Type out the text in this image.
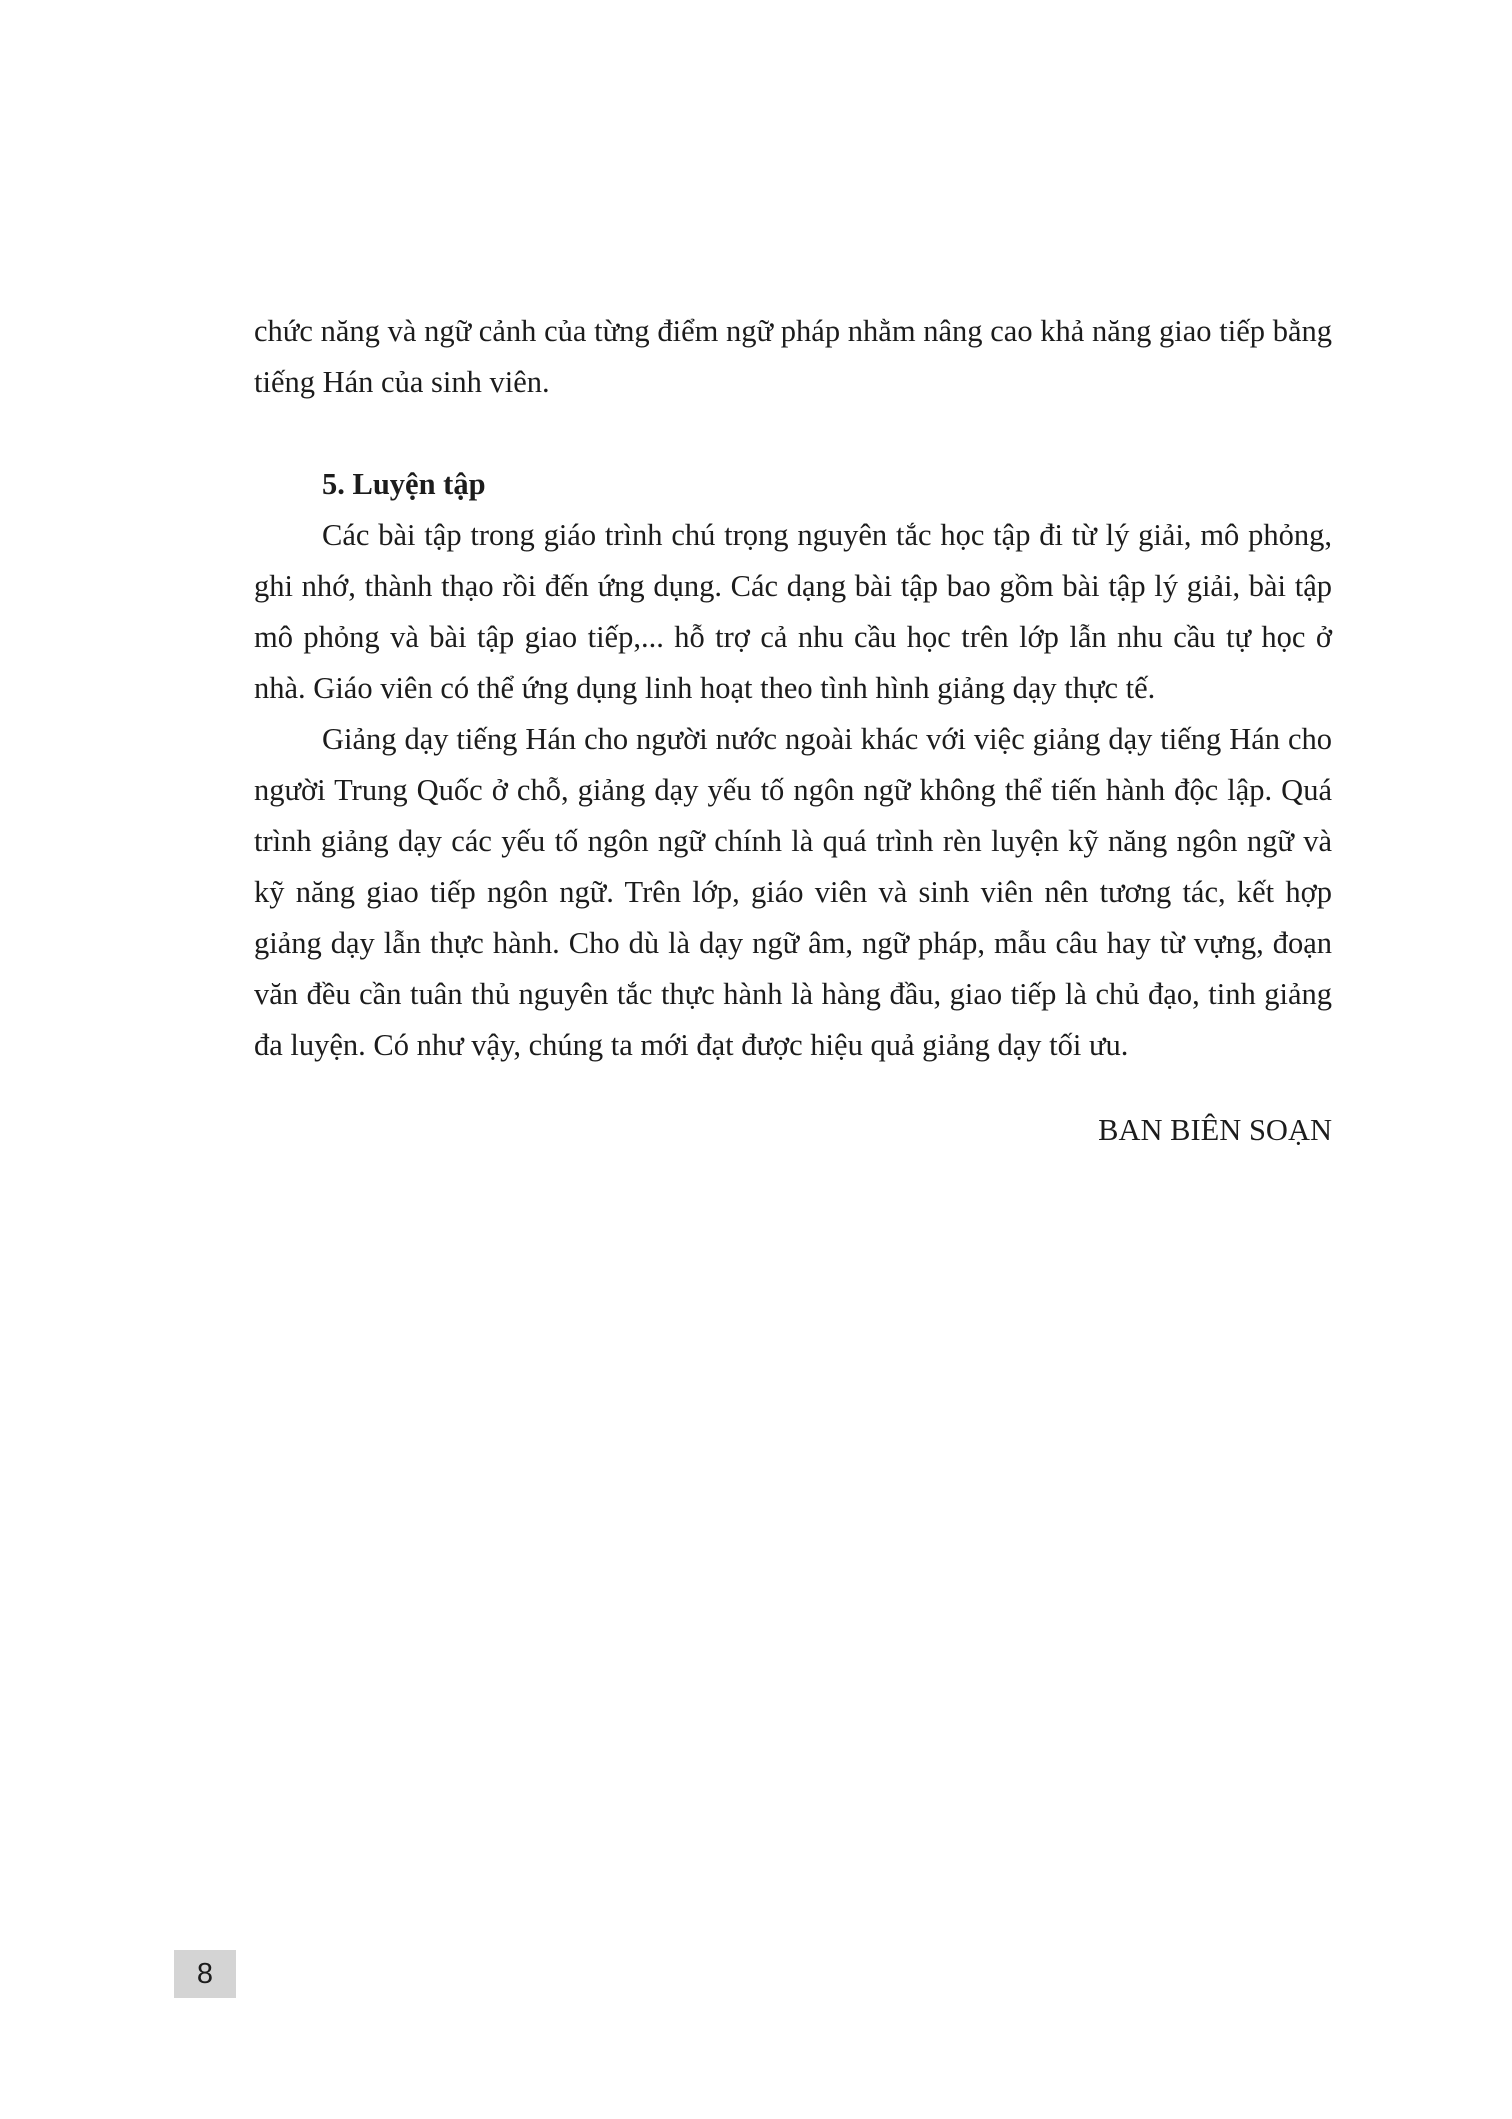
chức năng và ngữ cảnh của từng điểm ngữ pháp nhằm nâng cao khả năng giao tiếp bằng tiếng Hán của sinh viên.

5. Luyện tập

Các bài tập trong giáo trình chú trọng nguyên tắc học tập đi từ lý giải, mô phỏng, ghi nhớ, thành thạo rồi đến ứng dụng. Các dạng bài tập bao gồm bài tập lý giải, bài tập mô phỏng và bài tập giao tiếp,... hỗ trợ cả nhu cầu học trên lớp lẫn nhu cầu tự học ở nhà. Giáo viên có thể ứng dụng linh hoạt theo tình hình giảng dạy thực tế.

Giảng dạy tiếng Hán cho người nước ngoài khác với việc giảng dạy tiếng Hán cho người Trung Quốc ở chỗ, giảng dạy yếu tố ngôn ngữ không thể tiến hành độc lập. Quá trình giảng dạy các yếu tố ngôn ngữ chính là quá trình rèn luyện kỹ năng ngôn ngữ và kỹ năng giao tiếp ngôn ngữ. Trên lớp, giáo viên và sinh viên nên tương tác, kết hợp giảng dạy lẫn thực hành. Cho dù là dạy ngữ âm, ngữ pháp, mẫu câu hay từ vựng, đoạn văn đều cần tuân thủ nguyên tắc thực hành là hàng đầu, giao tiếp là chủ đạo, tinh giảng đa luyện. Có như vậy, chúng ta mới đạt được hiệu quả giảng dạy tối ưu.

BAN BIÊN SOẠN
8
